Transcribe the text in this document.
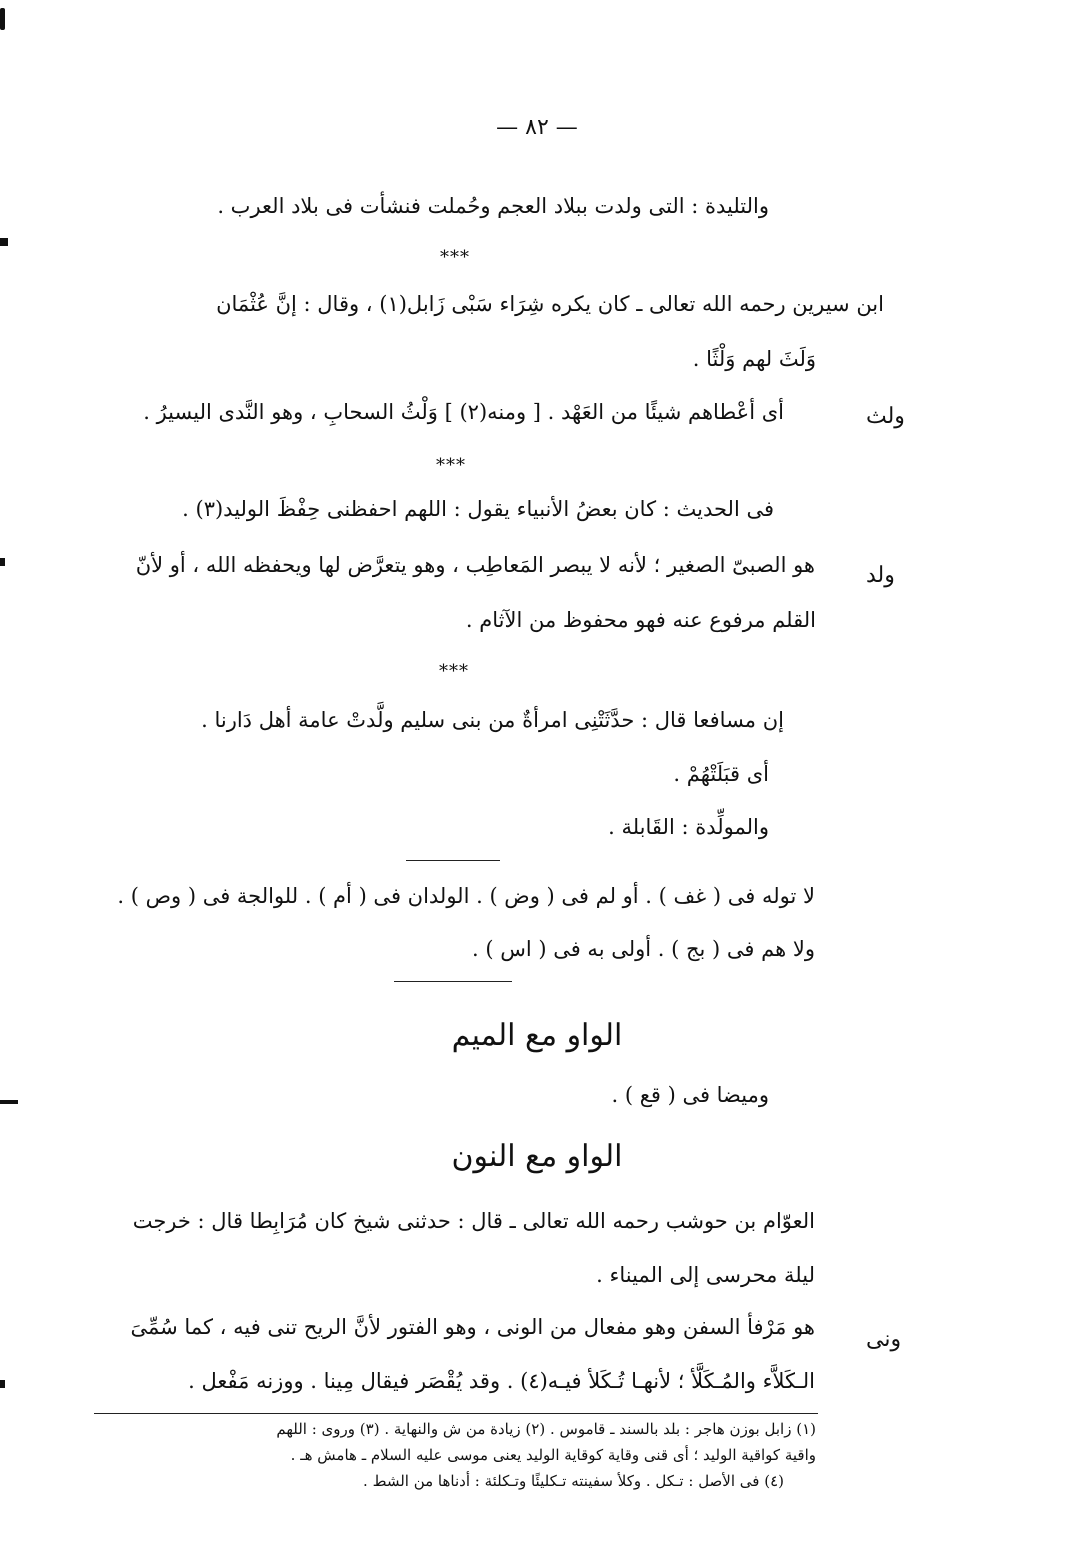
— ٨٢ —
والتليدة : التى ولدت ببلاد العجم وحُملت فنشأت فى بلاد العرب .
***
ابن سيرين رحمه الله تعالى ـ كان يكره شِرَاء سَبْى زَابل(١) ، وقال : إنَّ عُثْمَان
وَلَثَ لهم وَلْثًا .
ولث
أى أعْطاهم شيئًا من العَهْد . [ ومنه(٢) ] وَلْثُ السحابِ ، وهو النَّدى اليسيرُ .
***
فى الحديث : كان بعضُ الأنبياء يقول : اللهم احفظنى حِفْظَ الوليد(٣) .
ولد
هو الصبىّ الصغير ؛ لأنه لا يبصر المَعاطِب ، وهو يتعرَّض لها ويحفظه الله ، أو لأنّ
القلم مرفوع عنه فهو محفوظ من الآثام .
***
إن مسافعا قال : حدَّثَتْنِى امرأةٌ من بنى سليم ولَّدتْ عامة أهل دَارنا .
أى قبَلَتْهُمْ .
والمولِّدة : القَابلة .
لا توله فى ( غف ) . أو لم فى ( وض ) . الولدان فى ( أم ) . للوالجة فى ( وص ) .
ولا هم فى ( بج ) . أولى به فى ( اس ) .
الواو مع الميم
وميضا فى ( قع ) .
الواو مع النون
العوّام بن حوشب رحمه الله تعالى ـ قال : حدثنى شيخ كان مُرَابِطا قال : خرجت
ليلة محرسى إلى الميناء .
ونى
هو مَرْفأ السفن وهو مفعال من الونى ، وهو الفتور لأنَّ الريح تنى فيه ، كما سُمِّىَ
الـكَلاَّء والمُـكَلَّأ ؛ لأنهـا تُـكَلأ فيـه(٤) . وقد يُقْصَر فيقال مِينا . ووزنه مَفْعل .
(١) زابل بوزن هاجر : بلد بالسند ـ قاموس . (٢) زيادة من ش والنهاية . (٣) وروى : اللهم
واقية كواقية الوليد ؛ أى قنى وقاية كوقاية الوليد يعنى موسى عليه السلام ـ هامش هـ .
(٤) فى الأصل : تـكل . وكلأ سفينته تـكليئًا وتـكلئة : أدناها من الشط .
